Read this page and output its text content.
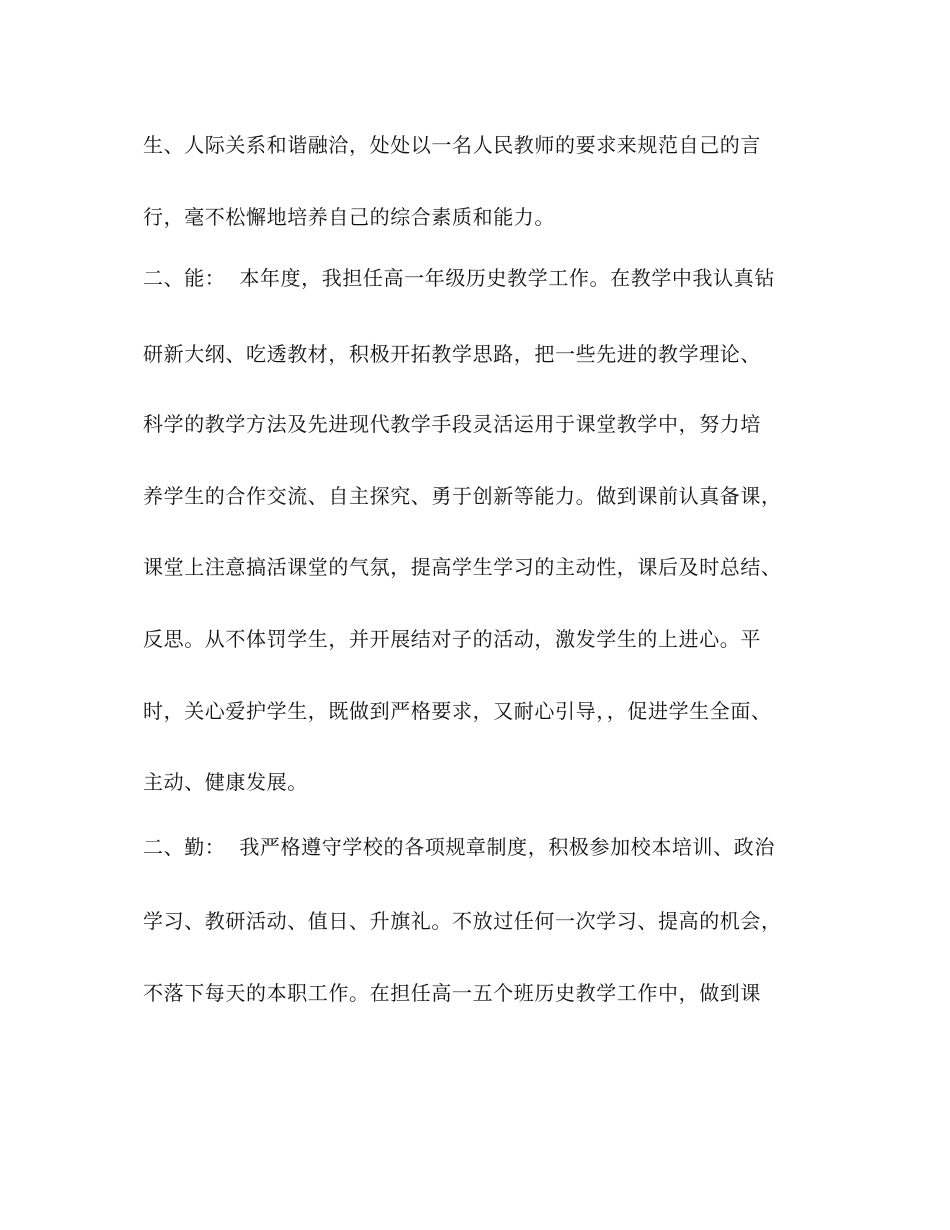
生、人际关系和谐融洽，处处以一名人民教师的要求来规范自己的言
行，毫不松懈地培养自己的综合素质和能力。
二、能：  本年度，我担任高一年级历史教学工作。在教学中我认真钻
研新大纲、吃透教材，积极开拓教学思路，把一些先进的教学理论、
科学的教学方法及先进现代教学手段灵活运用于课堂教学中，努力培
养学生的合作交流、自主探究、勇于创新等能力。做到课前认真备课，
课堂上注意搞活课堂的气氛，提高学生学习的主动性，课后及时总结、
反思。从不体罚学生，并开展结对子的活动，激发学生的上进心。平
时，关心爱护学生，既做到严格要求，又耐心引导，，促进学生全面、
主动、健康发展。
二、勤：  我严格遵守学校的各项规章制度，积极参加校本培训、政治
学习、教研活动、值日、升旗礼。不放过任何一次学习、提高的机会，
不落下每天的本职工作。在担任高一五个班历史教学工作中，做到课
